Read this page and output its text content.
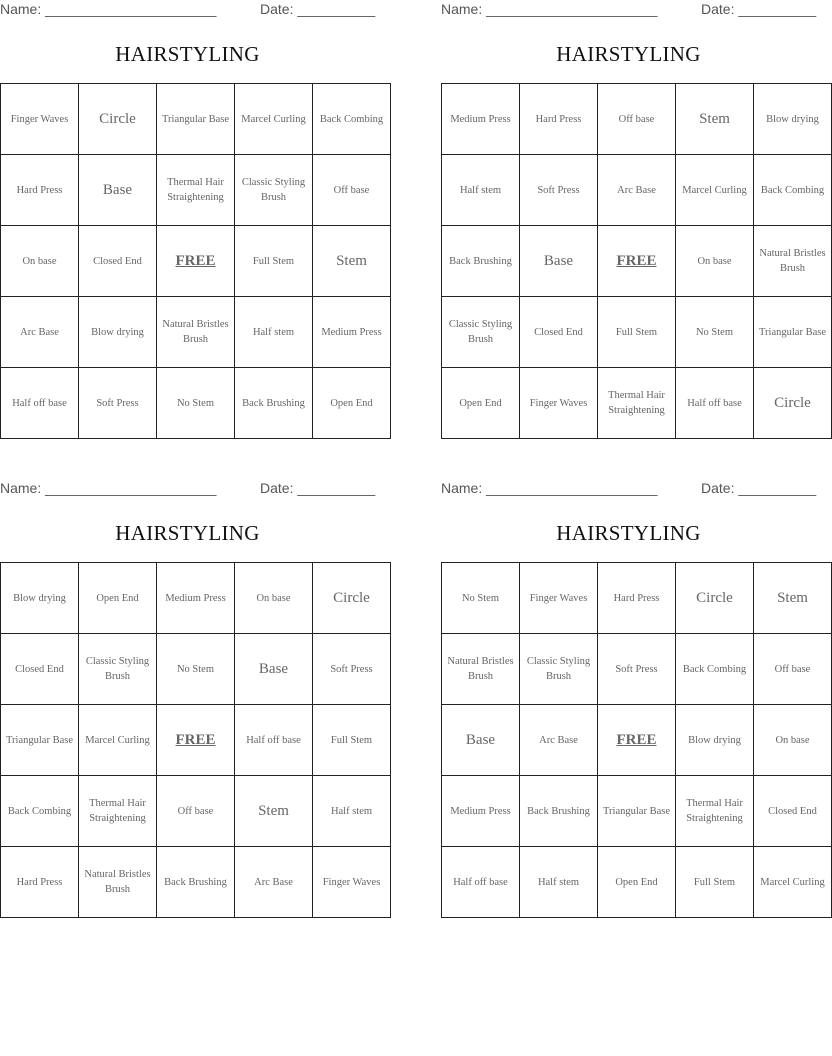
Name: ______________________	Date: __________
HAIRSTYLING
Finger Waves	Circle	Triangular Base	Marcel Curling	Back Combing
Hard Press	Base	Thermal Hair Straightening	Classic Styling Brush	Off base
On base	Closed End	FREE	Full Stem	Stem
Arc Base	Blow drying	Natural Bristles Brush	Half stem	Medium Press
Half off base	Soft Press	No Stem	Back Brushing	Open End
Name: ______________________	Date: __________
HAIRSTYLING
Medium Press	Hard Press	Off base	Stem	Blow drying
Half stem	Soft Press	Arc Base	Marcel Curling	Back Combing
Back Brushing	Base	FREE	On base	Natural Bristles Brush
Classic Styling Brush	Closed End	Full Stem	No Stem	Triangular Base
Open End	Finger Waves	Thermal Hair Straightening	Half off base	Circle
Name: ______________________	Date: __________
HAIRSTYLING
Blow drying	Open End	Medium Press	On base	Circle
Closed End	Classic Styling Brush	No Stem	Base	Soft Press
Triangular Base	Marcel Curling	FREE	Half off base	Full Stem
Back Combing	Thermal Hair Straightening	Off base	Stem	Half stem
Hard Press	Natural Bristles Brush	Back Brushing	Arc Base	Finger Waves
Name: ______________________	Date: __________
HAIRSTYLING
No Stem	Finger Waves	Hard Press	Circle	Stem
Natural Bristles Brush	Classic Styling Brush	Soft Press	Back Combing	Off base
Base	Arc Base	FREE	Blow drying	On base
Medium Press	Back Brushing	Triangular Base	Thermal Hair Straightening	Closed End
Half off base	Half stem	Open End	Full Stem	Marcel Curling
